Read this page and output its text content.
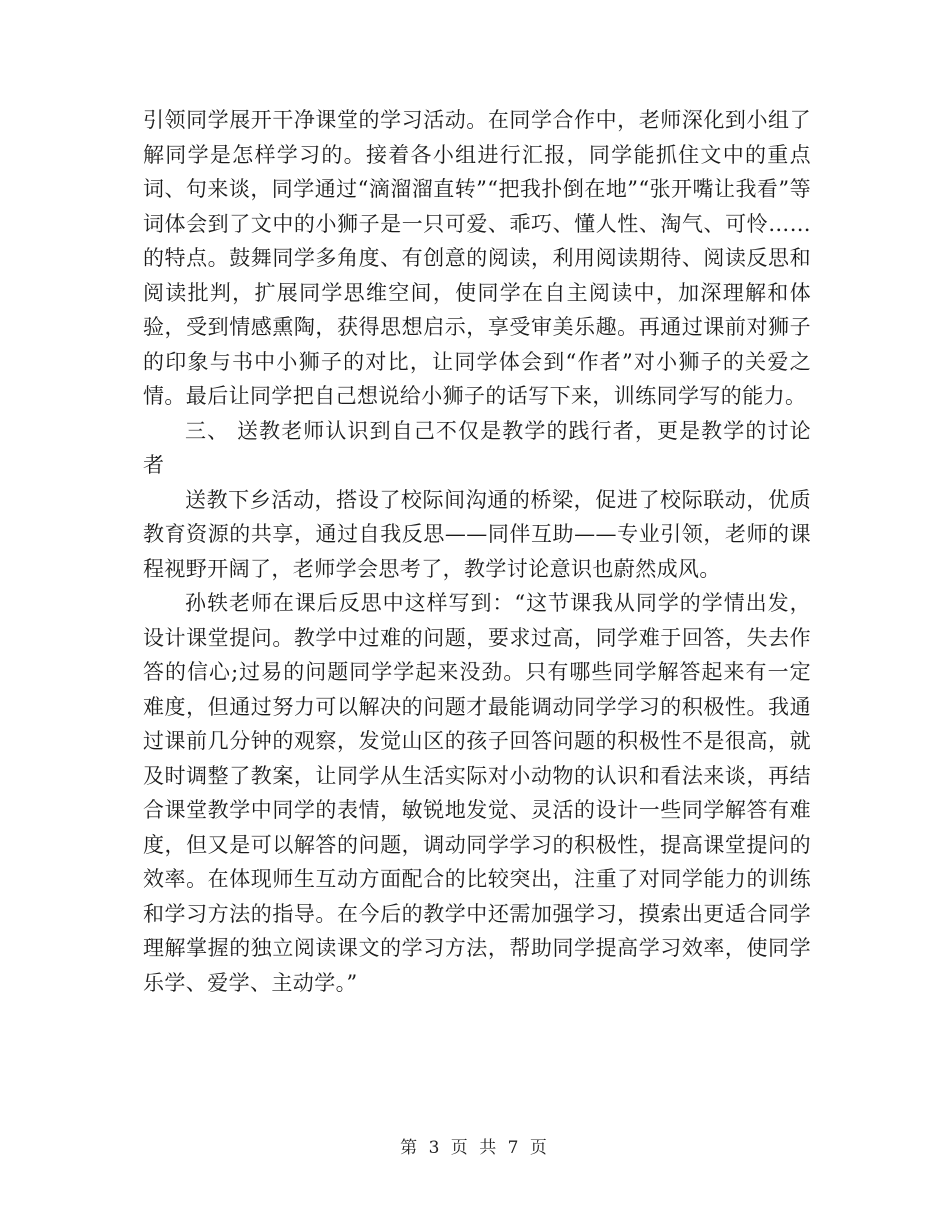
引领同学展开干净课堂的学习活动。在同学合作中，老师深化到小组了解同学是怎样学习的。接着各小组进行汇报，同学能抓住文中的重点词、句来谈，同学通过“滴溜溜直转”“把我扑倒在地”“张开嘴让我看”等词体会到了文中的小狮子是一只可爱、乖巧、懂人性、淘气、可怜……的特点。鼓舞同学多角度、有创意的阅读，利用阅读期待、阅读反思和阅读批判，扩展同学思维空间，使同学在自主阅读中，加深理解和体验，受到情感熏陶，获得思想启示，享受审美乐趣。再通过课前对狮子的印象与书中小狮子的对比，让同学体会到“作者”对小狮子的关爱之情。最后让同学把自己想说给小狮子的话写下来，训练同学写的能力。

三、 送教老师认识到自己不仅是教学的践行者，更是教学的讨论者

送教下乡活动，搭设了校际间沟通的桥梁，促进了校际联动，优质教育资源的共享，通过自我反思——同伴互助——专业引领，老师的课程视野开阔了，老师学会思考了，教学讨论意识也蔚然成风。

孙轶老师在课后反思中这样写到：“这节课我从同学的学情出发，设计课堂提问。教学中过难的问题，要求过高，同学难于回答，失去作答的信心;过易的问题同学学起来没劲。只有哪些同学解答起来有一定难度，但通过努力可以解决的问题才最能调动同学学习的积极性。我通过课前几分钟的观察，发觉山区的孩子回答问题的积极性不是很高，就及时调整了教案，让同学从生活实际对小动物的认识和看法来谈，再结合课堂教学中同学的表情，敏锐地发觉、灵活的设计一些同学解答有难度，但又是可以解答的问题，调动同学学习的积极性，提高课堂提问的效率。在体现师生互动方面配合的比较突出，注重了对同学能力的训练和学习方法的指导。在今后的教学中还需加强学习，摸索出更适合同学理解掌握的独立阅读课文的学习方法，帮助同学提高学习效率，使同学乐学、爱学、主动学。”

第 3 页 共 7 页
